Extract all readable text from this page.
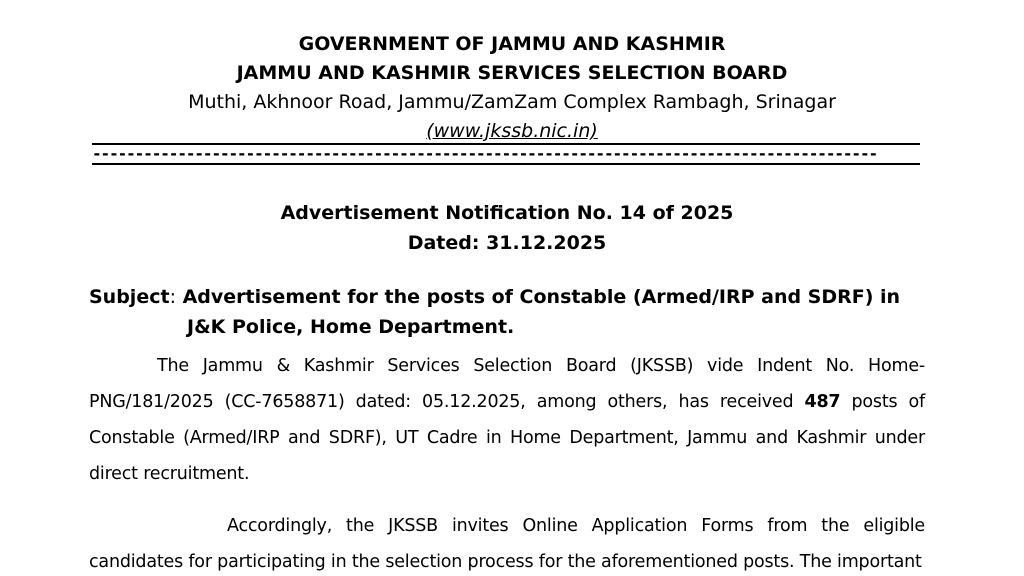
GOVERNMENT OF JAMMU AND KASHMIR
JAMMU AND KASHMIR SERVICES SELECTION BOARD
Muthi, Akhnoor Road, Jammu/ZamZam Complex Rambagh, Srinagar
(www.jkssb.nic.in)
--------------------------------------------------------------------------------------------
Advertisement Notification No. 14 of 2025
Dated: 31.12.2025
Subject: Advertisement for the posts of Constable (Armed/IRP and SDRF) in
J&K Police, Home Department.
The Jammu & Kashmir Services Selection Board (JKSSB) vide Indent No. Home-PNG/181/2025 (CC-7658871) dated: 05.12.2025, among others, has received 487 posts of Constable (Armed/IRP and SDRF), UT Cadre in Home Department, Jammu and Kashmir under direct recruitment.
Accordingly, the JKSSB invites Online Application Forms from the eligible candidates for participating in the selection process for the aforementioned posts. The important
